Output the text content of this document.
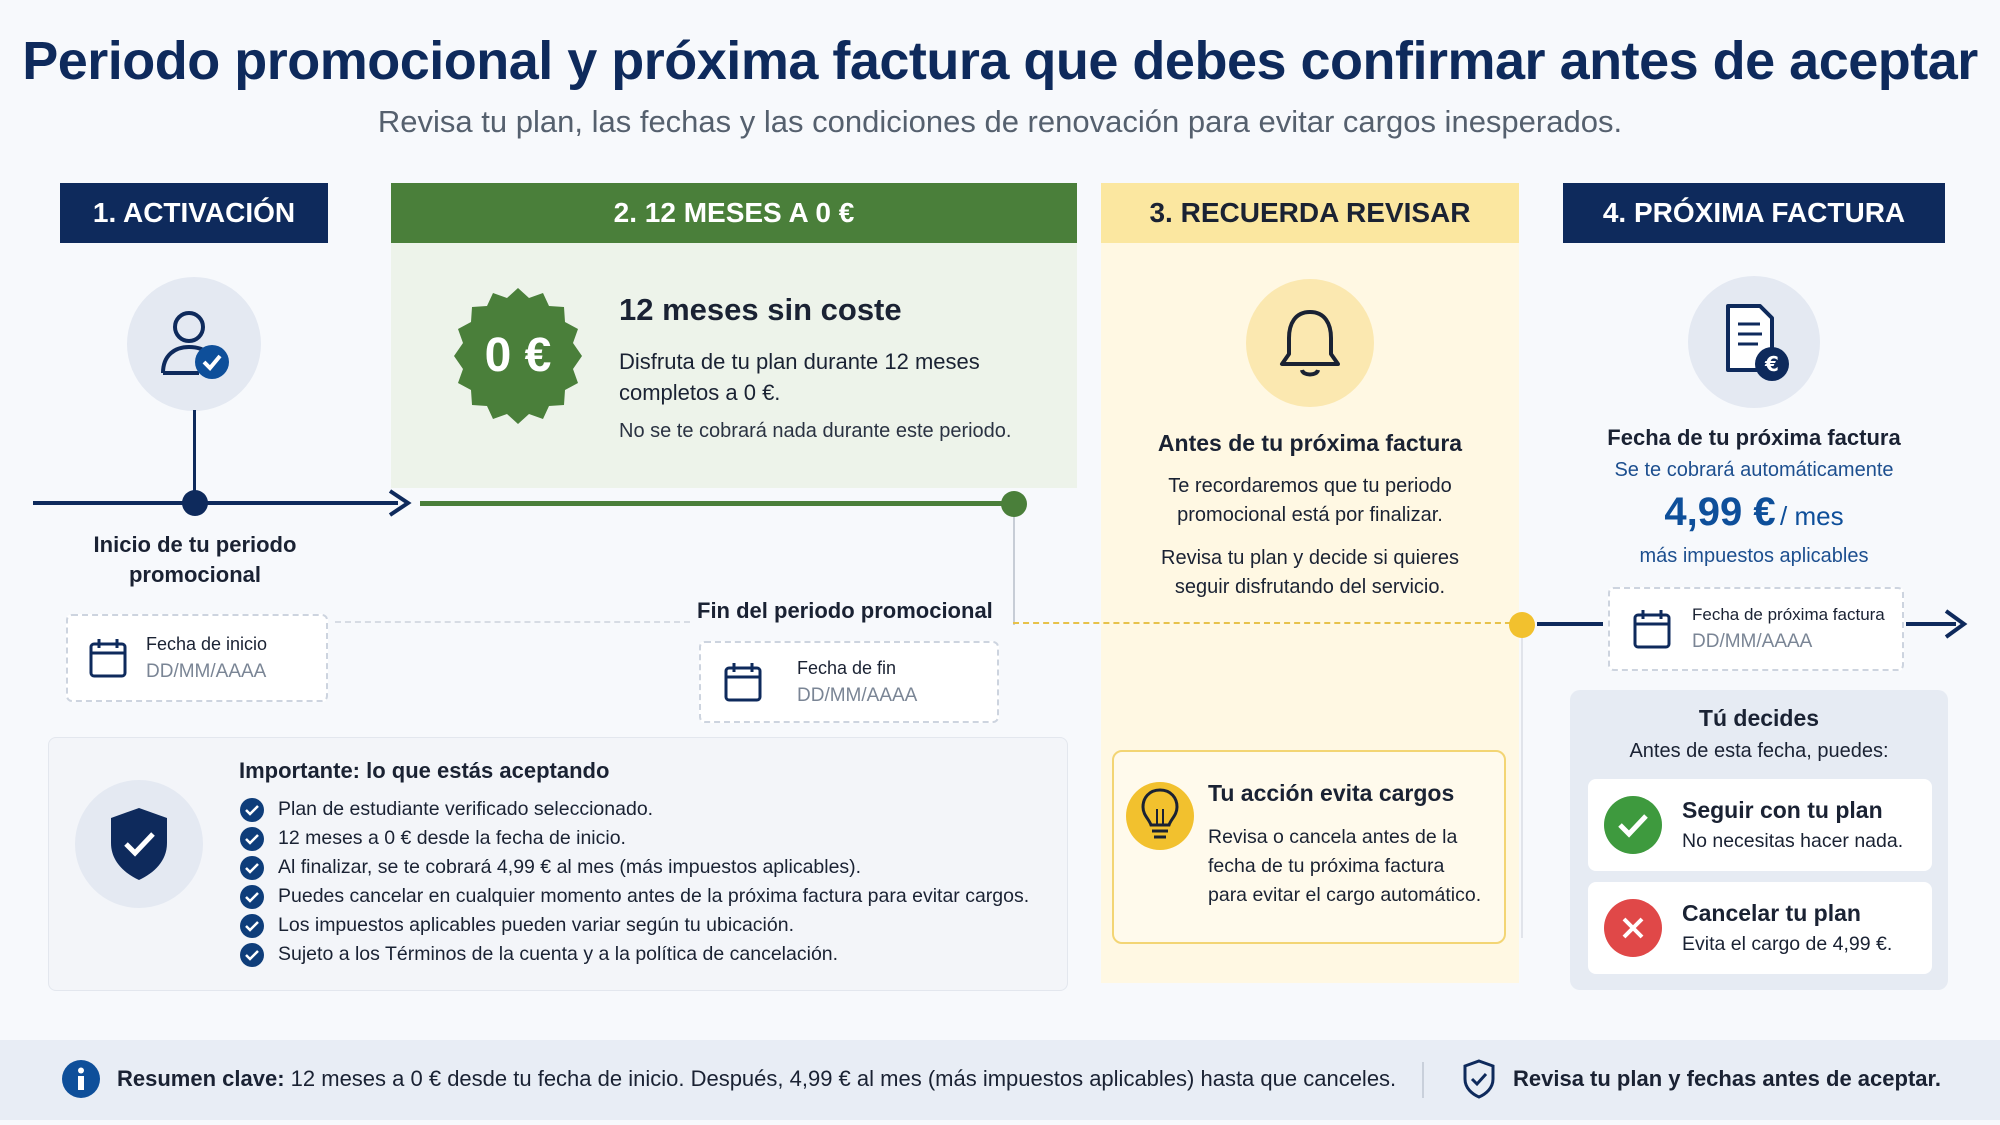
Periodo promocional y próxima factura que debes confirmar antes de aceptar
Revisa tu plan, las fechas y las condiciones de renovación para evitar cargos inesperados.
1. ACTIVACIÓN
Inicio de tu periodo
promocional
Fecha de inicio
DD/MM/AAAA
2. 12 MESES A 0 €
0 €
12 meses sin coste
Disfruta de tu plan durante 12 meses
completos a 0 €.
No se te cobrará nada durante este periodo.
Fin del periodo promocional
Fecha de fin
DD/MM/AAAA
3. RECUERDA REVISAR
Antes de tu próxima factura
Te recordaremos que tu periodo
promocional está por finalizar.
Revisa tu plan y decide si quieres
seguir disfrutando del servicio.
Tu acción evita cargos
Revisa o cancela antes de la
fecha de tu próxima factura
para evitar el cargo automático.
4. PRÓXIMA FACTURA
€
Fecha de tu próxima factura
Se te cobrará automáticamente
4,99 € / mes
más impuestos aplicables
Fecha de próxima factura
DD/MM/AAAA
Tú decides
Antes de esta fecha, puedes:
Seguir con tu plan
No necesitas hacer nada.
Cancelar tu plan
Evita el cargo de 4,99 €.
Importante: lo que estás aceptando
Plan de estudiante verificado seleccionado.
12 meses a 0 € desde la fecha de inicio.
Al finalizar, se te cobrará 4,99 € al mes (más impuestos aplicables).
Puedes cancelar en cualquier momento antes de la próxima factura para evitar cargos.
Los impuestos aplicables pueden variar según tu ubicación.
Sujeto a los Términos de la cuenta y a la política de cancelación.
Resumen clave: 12 meses a 0 € desde tu fecha de inicio. Después, 4,99 € al mes (más impuestos aplicables) hasta que canceles.	Revisa tu plan y fechas antes de aceptar.
